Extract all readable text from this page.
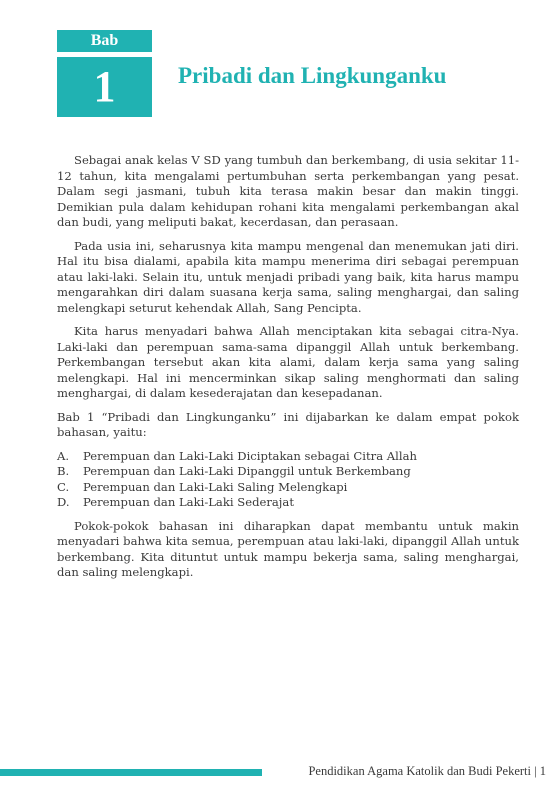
Bab
1	Pribadi dan Lingkunganku

Sebagai anak kelas V SD yang tumbuh dan berkembang, di usia sekitar 11-12 tahun, kita mengalami pertumbuhan serta perkembangan yang pesat. Dalam segi jasmani, tubuh kita terasa makin besar dan makin tinggi. Demikian pula dalam kehidupan rohani kita mengalami perkembangan akal dan budi, yang meliputi bakat, kecerdasan, dan perasaan.

Pada usia ini, seharusnya kita mampu mengenal dan menemukan jati diri. Hal itu bisa dialami, apabila kita mampu menerima diri sebagai perempuan atau laki-laki. Selain itu, untuk menjadi pribadi yang baik, kita harus mampu mengarahkan diri dalam suasana kerja sama, saling menghargai, dan saling melengkapi seturut kehendak Allah, Sang Pencipta.

Kita harus menyadari bahwa Allah menciptakan kita sebagai citra-Nya. Laki-laki dan perempuan sama-sama dipanggil Allah untuk berkembang. Perkembangan tersebut akan kita alami, dalam kerja sama yang saling melengkapi. Hal ini mencerminkan sikap saling menghormati dan saling menghargai, di dalam kesederajatan dan kesepadanan.

Bab 1 “Pribadi dan Lingkunganku” ini dijabarkan ke dalam empat pokok bahasan, yaitu:

A.	Perempuan dan Laki-Laki Diciptakan sebagai Citra Allah
B.	Perempuan dan Laki-Laki Dipanggil untuk Berkembang
C.	Perempuan dan Laki-Laki Saling Melengkapi
D.	Perempuan dan Laki-Laki Sederajat

Pokok-pokok bahasan ini diharapkan dapat membantu untuk makin menyadari bahwa kita semua, perempuan atau laki-laki, dipanggil Allah untuk berkembang. Kita dituntut untuk mampu bekerja sama, saling menghargai, dan saling melengkapi.

Pendidikan Agama Katolik dan Budi Pekerti | 1
